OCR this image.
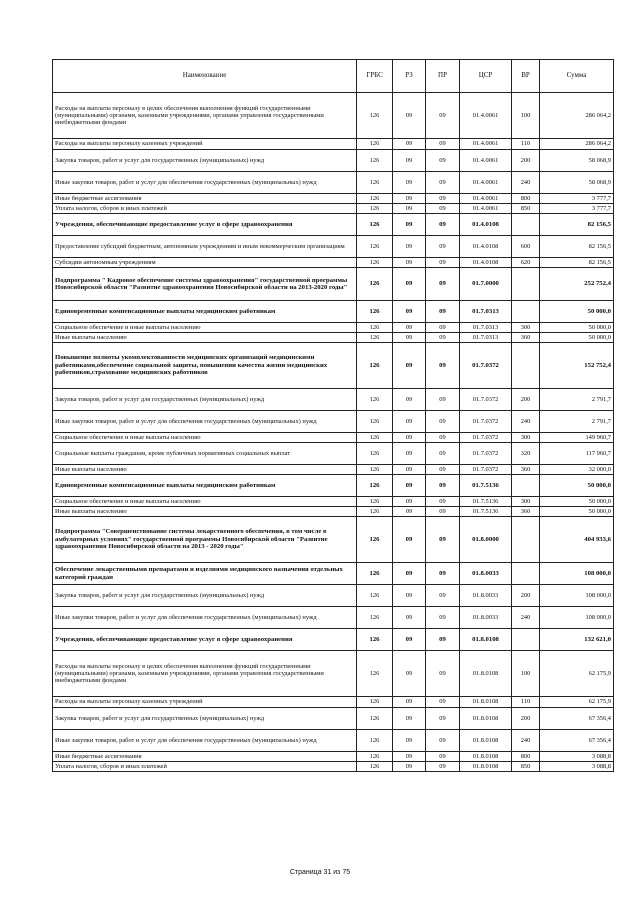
Наименование	ГРБС	РЗ	ПР	ЦСР	ВР	Сумма
Расходы на выплаты персоналу в целях обеспечения выполнения функций государственными (муниципальными) органами, казенными учреждениями, органами управления государственными внебюджетными фондами	126	09	09	01.4.0061	100	286 064,2
Расходы на выплаты персоналу казенных учреждений	126	09	09	01.4.0061	110	286 064,2
Закупка товаров, работ и услуг для государственных (муниципальных) нужд	126	09	09	01.4.0061	200	58 068,9
Иные закупки товаров, работ и услуг для обеспечения государственных (муниципальных) нужд	126	09	09	01.4.0061	240	58 068,9
Иные бюджетные ассигнования	126	09	09	01.4.0061	800	3 777,7
Уплата налогов, сборов и иных платежей	126	09	09	01.4.0061	850	3 777,7
Учреждения, обеспечивающие предоставление услуг в сфере здравоохранения	126	09	09	01.4.0108		82 156,5
Предоставление субсидий бюджетным, автономным учреждениям и иным некоммерческим организациям	126	09	09	01.4.0108	600	82 156,5
Субсидии автономным учреждениям	126	09	09	01.4.0108	620	82 156,5
Подпрограмма " Кадровое обеспечение системы здравоохранения" государственной программы Новосибирской области "Развитие здравоохранения Новосибирской области на 2013-2020 годы"	126	09	09	01.7.0000		252 752,4
Единовременные компенсационные выплаты медицинским работникам	126	09	09	01.7.0313		50 000,0
Социальное обеспечение и иные выплаты населению	126	09	09	01.7.0313	300	50 000,0
Иные выплаты населению	126	09	09	01.7.0313	360	50 000,0
Повышение полноты укомплектованности медицинских организаций медицинскими работниками,обеспечение социальной защиты, повышении качества жизни медицинских работников,страхование медицинских работников	126	09	09	01.7.0372		152 752,4
Закупка товаров, работ и услуг для государственных (муниципальных) нужд	126	09	09	01.7.0372	200	2 791,7
Иные закупки товаров, работ и услуг для обеспечения государственных (муниципальных) нужд	126	09	09	01.7.0372	240	2 791,7
Социальное обеспечение и иные выплаты населению	126	09	09	01.7.0372	300	149 960,7
Социальные выплаты гражданам, кроме публичных нормативных социальных выплат	126	09	09	01.7.0372	320	117 960,7
Иные выплаты населению	126	09	09	01.7.0372	360	32 000,0
Единовременные компенсационные выплаты медицинским работникам	126	09	09	01.7.5136		50 000,0
Социальное обеспечение и иные выплаты населению	126	09	09	01.7.5136	300	50 000,0
Иные выплаты населению	126	09	09	01.7.5136	360	50 000,0
Подпрограмма "Совершенствование системы лекарственного обеспечения, в том числе в амбулаторных условиях" государственной программы Новосибирской области "Развитие здравоохранения Новосибирской области на 2013 - 2020 годы"	126	09	09	01.8.0000		404 933,6
Обеспечение лекарственными препаратами и изделиями медицинского назначения отдельных категорий граждан	126	09	09	01.8.0033		108 000,0
Закупка товаров, работ и услуг для государственных (муниципальных) нужд	126	09	09	01.8.0033	200	108 000,0
Иные закупки товаров, работ и услуг для обеспечения государственных (муниципальных) нужд	126	09	09	01.8.0033	240	108 000,0
Учреждения, обеспечивающие предоставление услуг в сфере здравоохранения	126	09	09	01.8.0108		132 621,0
Расходы на выплаты персоналу в целях обеспечения выполнения функций государственными (муниципальными) органами, казенными учреждениями, органами управления государственными внебюджетными фондами	126	09	09	01.8.0108	100	62 175,9
Расходы на выплаты персоналу казенных учреждений	126	09	09	01.8.0108	110	62 175,9
Закупка товаров, работ и услуг для государственных (муниципальных) нужд	126	09	09	01.8.0108	200	67 356,4
Иные закупки товаров, работ и услуг для обеспечения государственных (муниципальных) нужд	126	09	09	01.8.0108	240	67 356,4
Иные бюджетные ассигнования	126	09	09	01.8.0108	800	3 088,8
Уплата налогов, сборов и иных платежей	126	09	09	01.8.0108	850	3 088,8
Страница 31 из 75
